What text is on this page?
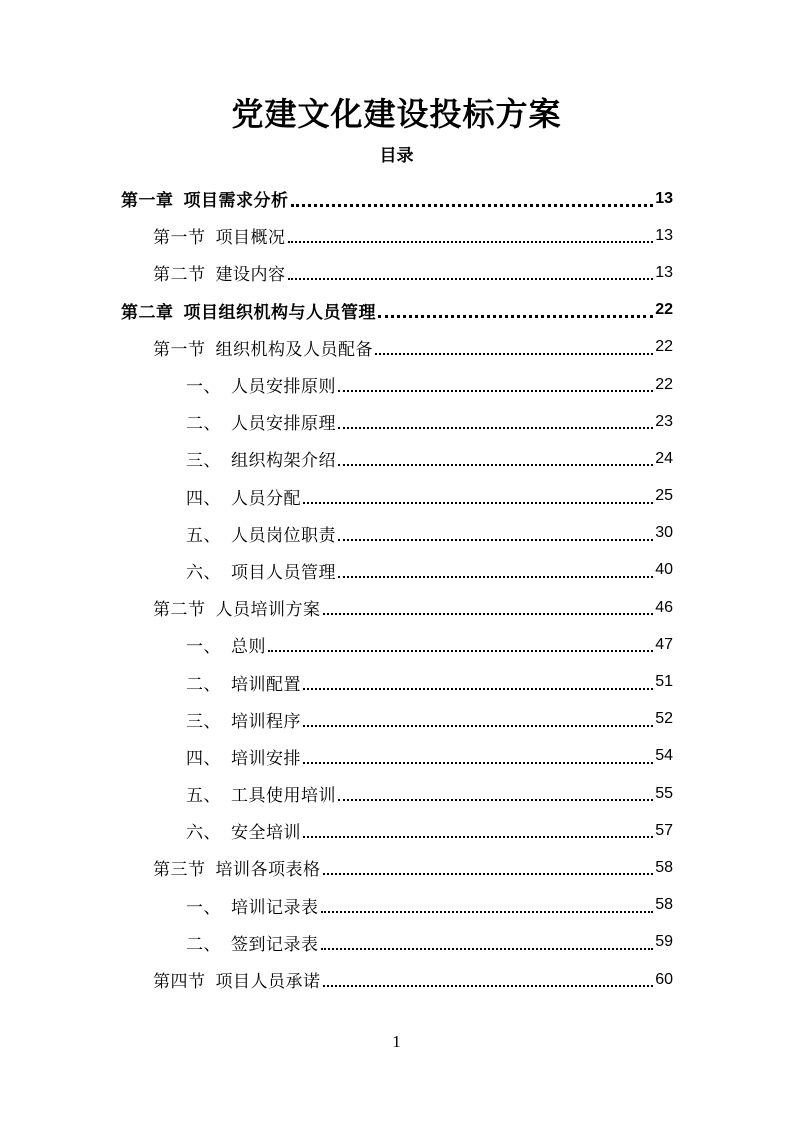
党建文化建设投标方案
目录
第一章 项目需求分析	13
第一节 项目概况	13
第二节 建设内容	13
第二章 项目组织机构与人员管理	22
第一节 组织机构及人员配备	22
一、 人员安排原则	22
二、 人员安排原理	23
三、 组织构架介绍	24
四、 人员分配	25
五、 人员岗位职责	30
六、 项目人员管理	40
第二节 人员培训方案	46
一、 总则	47
二、 培训配置	51
三、 培训程序	52
四、 培训安排	54
五、 工具使用培训	55
六、 安全培训	57
第三节 培训各项表格	58
一、 培训记录表	58
二、 签到记录表	59
第四节 项目人员承诺	60
1
